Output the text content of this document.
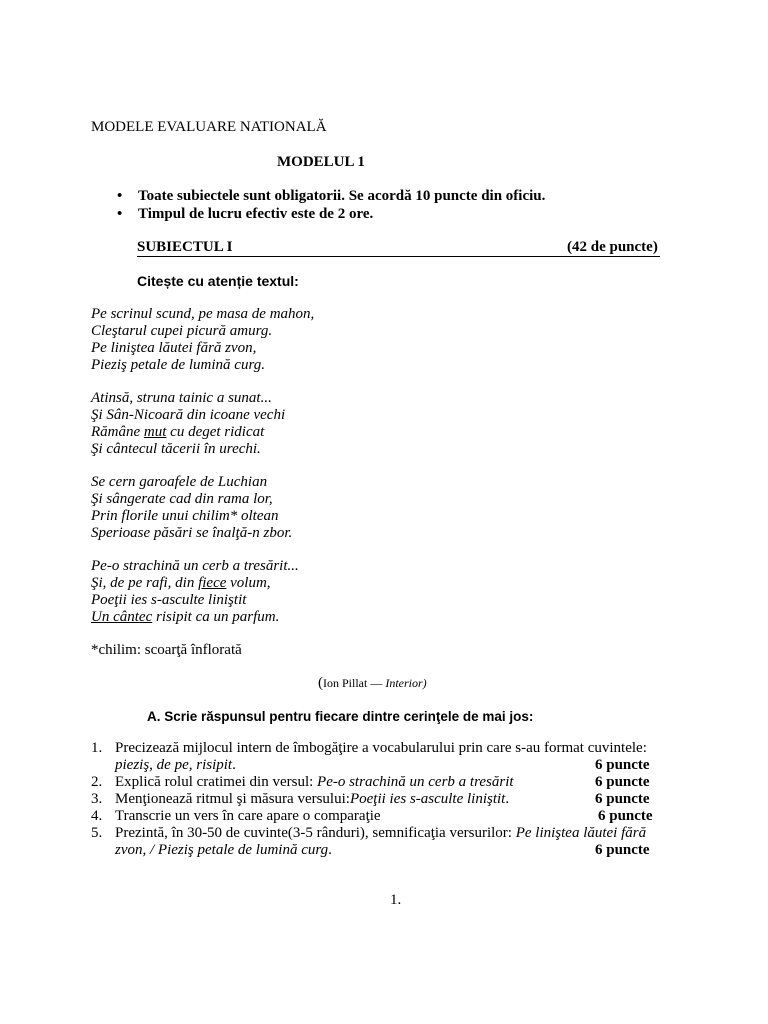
MODELE EVALUARE NATIONALĂ
MODELUL 1
• Toate subiectele sunt obligatorii. Se acordă 10 puncte din oficiu.
• Timpul de lucru efectiv este de 2 ore.
SUBIECTUL I	(42 de puncte)
Citește cu atenție textul:
Pe scrinul scund, pe masa de mahon,
Cleştarul cupei picură amurg.
Pe liniştea lăutei fără zvon,
Pieziş petale de lumină curg.
Atinsă, struna tainic a sunat...
Şi Sân-Nicoară din icoane vechi
Rămâne mut cu deget ridicat
Şi cântecul tăcerii în urechi.
Se cern garoafele de Luchian
Şi sângerate cad din rama lor,
Prin florile unui chilim* oltean
Sperioase păsări se înalţă-n zbor.
Pe-o strachină un cerb a tresărit...
Şi, de pe rafi, din fiece volum,
Poeţii ies s-asculte liniştit
Un cântec risipit ca un parfum.
*chilim: scoarţă înflorată
(Ion Pillat — Interior)
A. Scrie răspunsul pentru fiecare dintre cerinţele de mai jos:
1. Precizează mijlocul intern de îmbogăţire a vocabularului prin care s-au format cuvintele:
pieziş, de pe, risipit.	6 puncte
2. Explică rolul cratimei din versul: Pe-o strachină un cerb a tresărit	6 puncte
3. Menţionează ritmul şi măsura versului:Poeţii ies s-asculte liniştit.	6 puncte
4. Transcrie un vers în care apare o comparaţie	6 puncte
5. Prezintă, în 30-50 de cuvinte(3-5 rânduri), semnificaţia versurilor: Pe liniştea lăutei fără
zvon, / Pieziş petale de lumină curg.	6 puncte
1.
